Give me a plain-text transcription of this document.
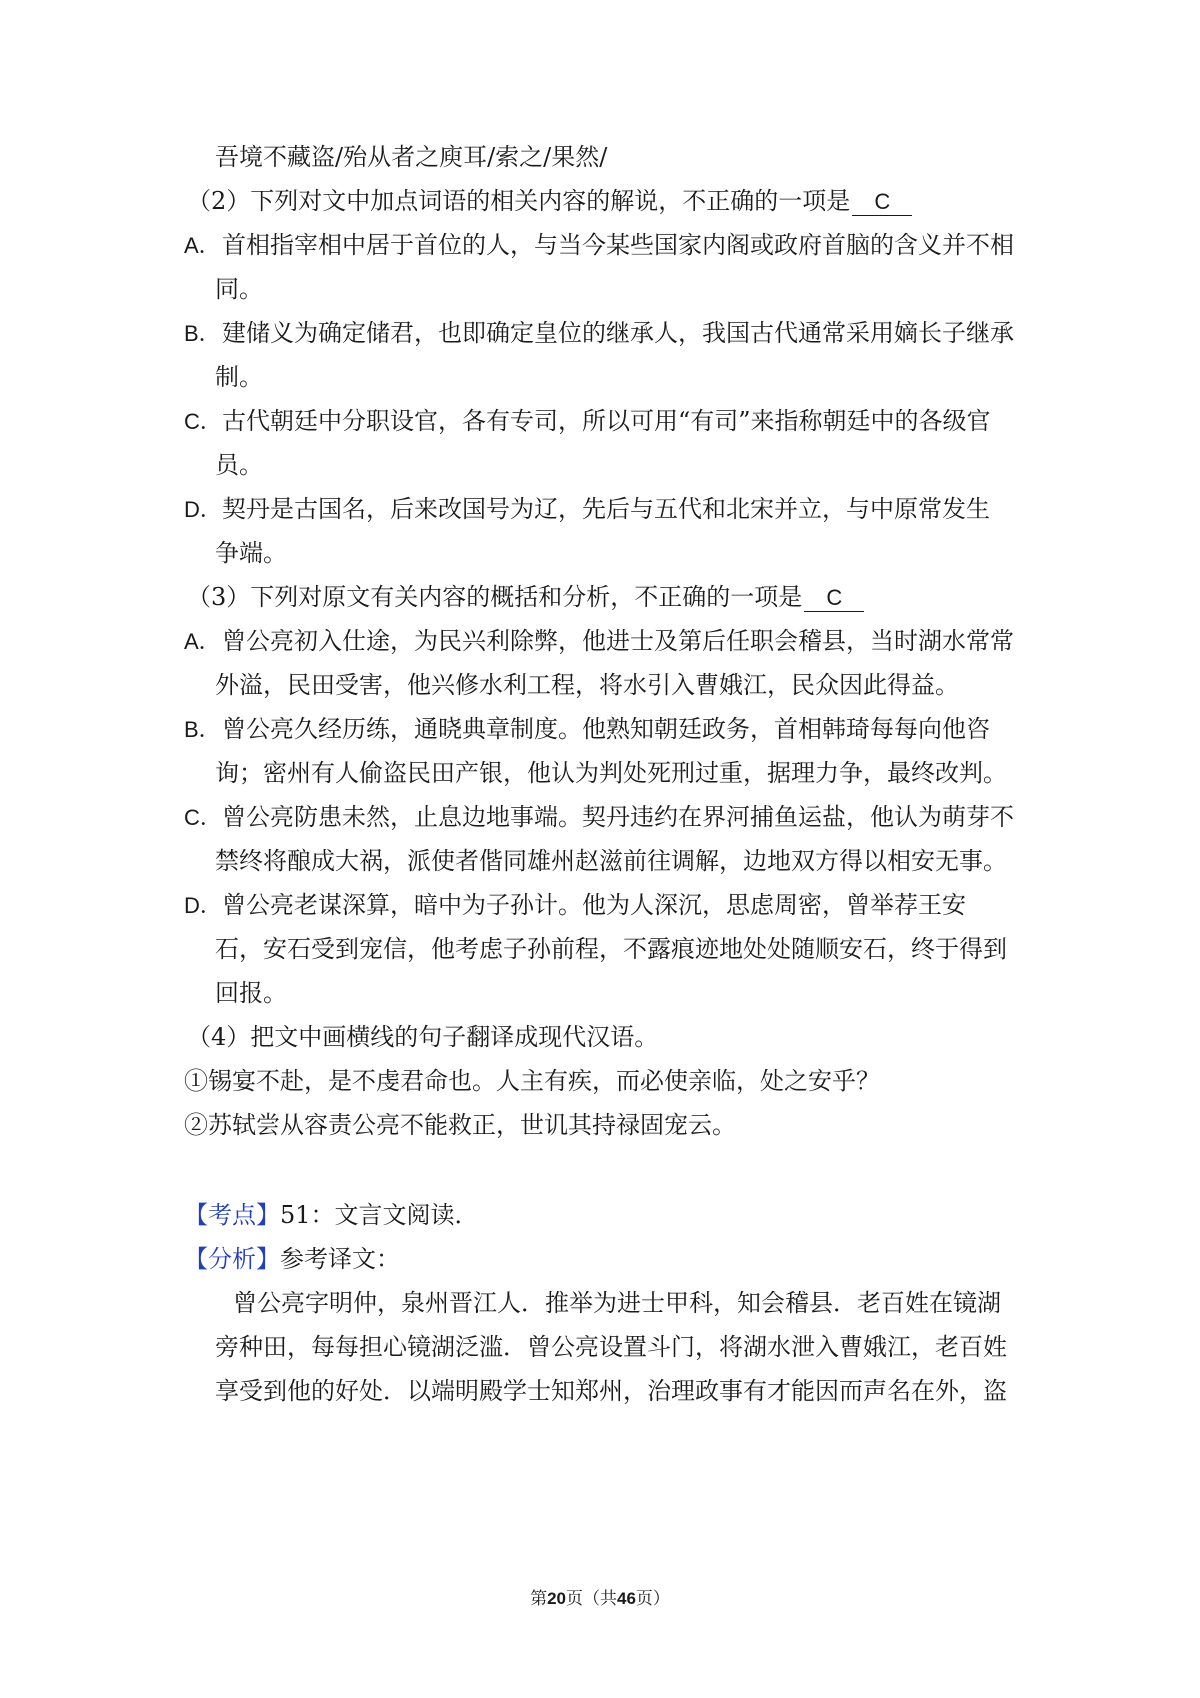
吾境不藏盗/殆从者之庾耳/索之/果然/
（2）下列对文中加点词语的相关内容的解说，不正确的一项是 C
A．首相指宰相中居于首位的人，与当今某些国家内阁或政府首脑的含义并不相
同。
B．建储义为确定储君，也即确定皇位的继承人，我国古代通常采用嫡长子继承
制。
C．古代朝廷中分职设官，各有专司，所以可用“有司”来指称朝廷中的各级官
员。
D．契丹是古国名，后来改国号为辽，先后与五代和北宋并立，与中原常发生
争端。
（3）下列对原文有关内容的概括和分析，不正确的一项是 C
A．曾公亮初入仕途，为民兴利除弊，他进士及第后任职会稽县，当时湖水常常
外溢，民田受害，他兴修水利工程，将水引入曹娥江，民众因此得益。
B．曾公亮久经历练，通晓典章制度。他熟知朝廷政务，首相韩琦每每向他咨
询；密州有人偷盗民田产银，他认为判处死刑过重，据理力争，最终改判。
C．曾公亮防患未然，止息边地事端。契丹违约在界河捕鱼运盐，他认为萌芽不
禁终将酿成大祸，派使者偕同雄州赵滋前往调解，边地双方得以相安无事。
D．曾公亮老谋深算，暗中为子孙计。他为人深沉，思虑周密，曾举荐王安
石，安石受到宠信，他考虑子孙前程，不露痕迹地处处随顺安石，终于得到
回报。
（4）把文中画横线的句子翻译成现代汉语。
①锡宴不赴，是不虔君命也。人主有疾，而必使亲临，处之安乎？
②苏轼尝从容责公亮不能救正，世讥其持禄固宠云。
【考点】51：文言文阅读．
【分析】参考译文：
曾公亮字明仲，泉州晋江人．推举为进士甲科，知会稽县．老百姓在镜湖
旁种田，每每担心镜湖泛滥．曾公亮设置斗门，将湖水泄入曹娥江，老百姓
享受到他的好处．以端明殿学士知郑州，治理政事有才能因而声名在外，盗
第20页（共46页）
